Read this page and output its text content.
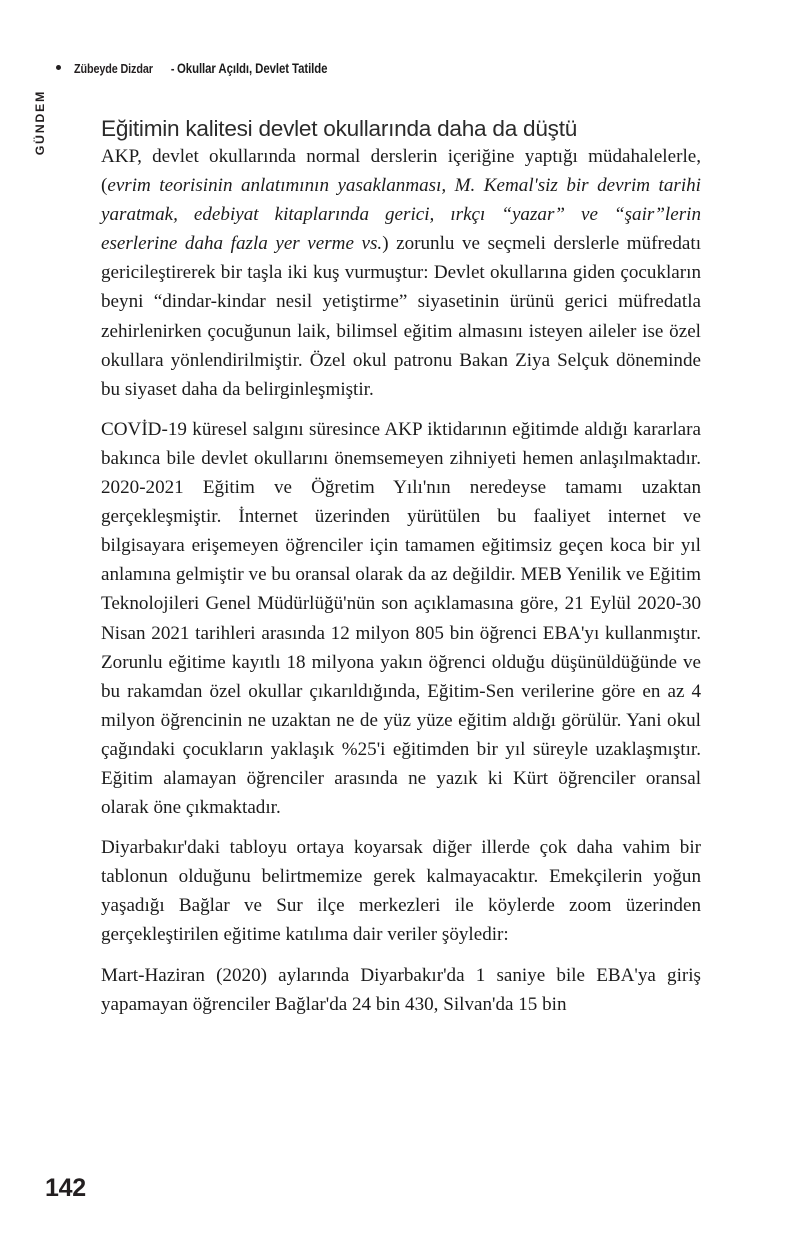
Zübeyde Dizdar - Okullar Açıldı, Devlet Tatilde
GÜNDEM Eğitimin kalitesi devlet okullarında daha da düştü

AKP, devlet okullarında normal derslerin içeriğine yaptığı müdahalelerle, (evrim teorisinin anlatımının yasaklanması, M. Kemal'siz bir devrim tarihi yaratmak, edebiyat kitaplarında gerici, ırkçı “yazar” ve “şair”lerin eserlerine daha fazla yer verme vs.) zorunlu ve seçmeli derslerle müfredatı gericileştirerek bir taşla iki kuş vurmuştur: Devlet okullarına giden çocukların beyni “dindar-kindar nesil yetiştirme” siyasetinin ürünü gerici müfredatla zehirlenirken çocuğunun laik, bilimsel eğitim almasını isteyen aileler ise özel okullara yönlendirilmiştir. Özel okul patronu Bakan Ziya Selçuk döneminde bu siyaset daha da belirginleşmiştir.

COVİD-19 küresel salgını süresince AKP iktidarının eğitimde aldığı kararlara bakınca bile devlet okullarını önemsemeyen zihniyeti hemen anlaşılmaktadır. 2020-2021 Eğitim ve Öğretim Yılı'nın neredeyse tamamı uzaktan gerçekleşmiştir. İnternet üzerinden yürütülen bu faaliyet internet ve bilgisayara erişemeyen öğrenciler için tamamen eğitimsiz geçen koca bir yıl anlamına gelmiştir ve bu oransal olarak da az değildir. MEB Yenilik ve Eğitim Teknolojileri Genel Müdürlüğü'nün son açıklamasına göre, 21 Eylül 2020-30 Nisan 2021 tarihleri arasında 12 milyon 805 bin öğrenci EBA'yı kullanmıştır. Zorunlu eğitime kayıtlı 18 milyona yakın öğrenci olduğu düşünüldüğünde ve bu rakamdan özel okullar çıkarıldığında, Eğitim-Sen verilerine göre en az 4 milyon öğrencinin ne uzaktan ne de yüz yüze eğitim aldığı görülür. Yani okul çağındaki çocukların yaklaşık %25'i eğitimden bir yıl süreyle uzaklaşmıştır. Eğitim alamayan öğrenciler arasında ne yazık ki Kürt öğrenciler oransal olarak öne çıkmaktadır.

Diyarbakır'daki tabloyu ortaya koyarsak diğer illerde çok daha vahim bir tablonun olduğunu belirtmemize gerek kalmayacaktır. Emekçilerin yoğun yaşadığı Bağlar ve Sur ilçe merkezleri ile köylerde zoom üzerinden gerçekleştirilen eğitime katılıma dair veriler şöyledir:

Mart-Haziran (2020) aylarında Diyarbakır'da 1 saniye bile EBA'ya giriş yapamayan öğrenciler Bağlar'da 24 bin 430, Silvan'da 15 bin

142
